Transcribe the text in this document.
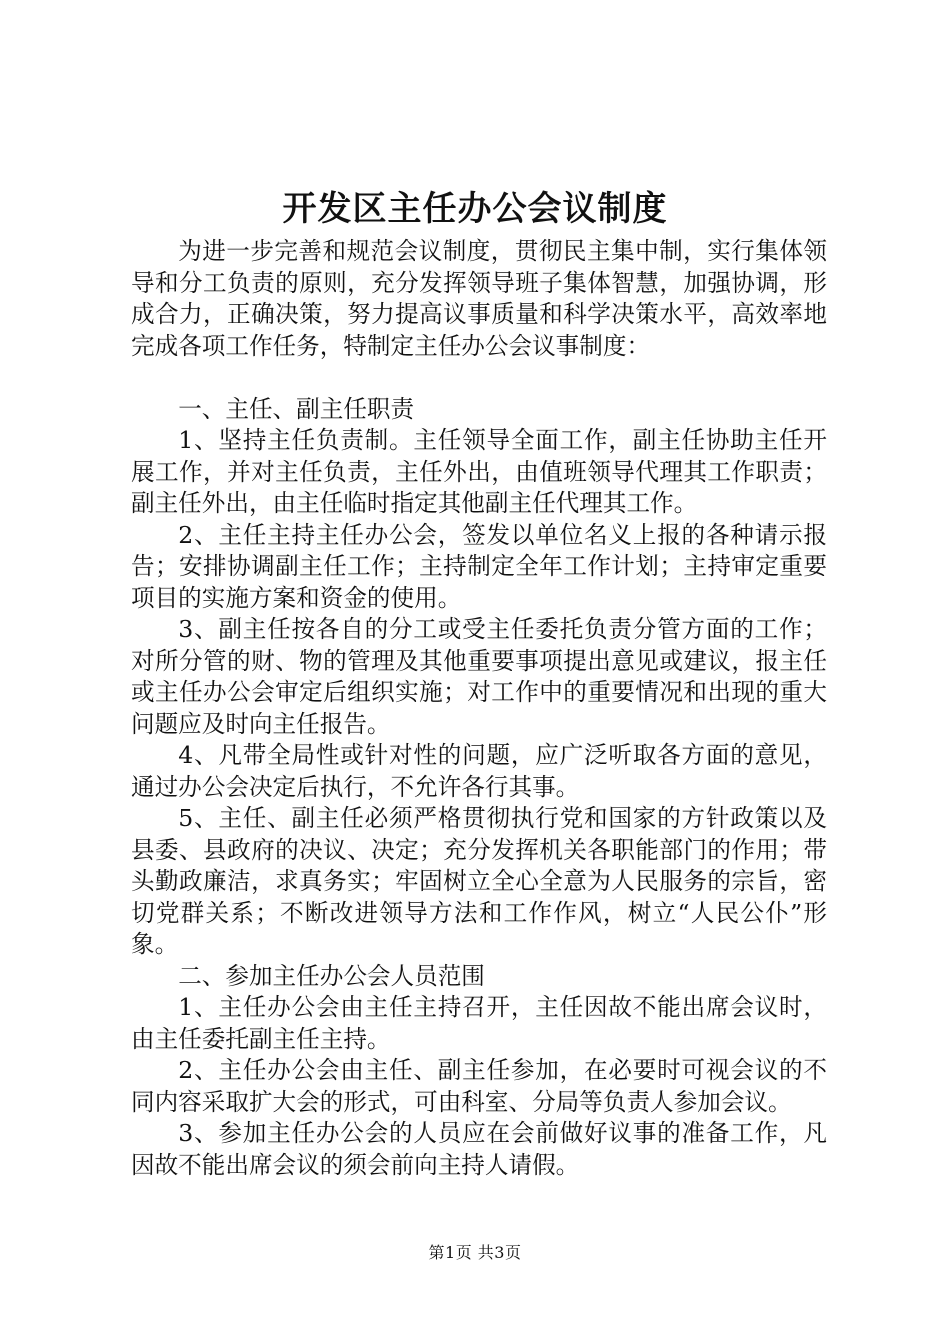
开发区主任办公会议制度

为进一步完善和规范会议制度，贯彻民主集中制，实行集体领导和分工负责的原则，充分发挥领导班子集体智慧，加强协调，形成合力，正确决策，努力提高议事质量和科学决策水平，高效率地完成各项工作任务，特制定主任办公会议事制度：

一、主任、副主任职责

1、坚持主任负责制。主任领导全面工作，副主任协助主任开展工作，并对主任负责，主任外出，由值班领导代理其工作职责；副主任外出，由主任临时指定其他副主任代理其工作。

2、主任主持主任办公会，签发以单位名义上报的各种请示报告；安排协调副主任工作；主持制定全年工作计划；主持审定重要项目的实施方案和资金的使用。

3、副主任按各自的分工或受主任委托负责分管方面的工作；对所分管的财、物的管理及其他重要事项提出意见或建议，报主任或主任办公会审定后组织实施；对工作中的重要情况和出现的重大问题应及时向主任报告。

4、凡带全局性或针对性的问题，应广泛听取各方面的意见，通过办公会决定后执行，不允许各行其事。

5、主任、副主任必须严格贯彻执行党和国家的方针政策以及县委、县政府的决议、决定；充分发挥机关各职能部门的作用；带头勤政廉洁，求真务实；牢固树立全心全意为人民服务的宗旨，密切党群关系；不断改进领导方法和工作作风，树立“人民公仆”形象。

二、参加主任办公会人员范围

1、主任办公会由主任主持召开，主任因故不能出席会议时，由主任委托副主任主持。

2、主任办公会由主任、副主任参加，在必要时可视会议的不同内容采取扩大会的形式，可由科室、分局等负责人参加会议。

3、参加主任办公会的人员应在会前做好议事的准备工作，凡因故不能出席会议的须会前向主持人请假。

第1页 共3页
